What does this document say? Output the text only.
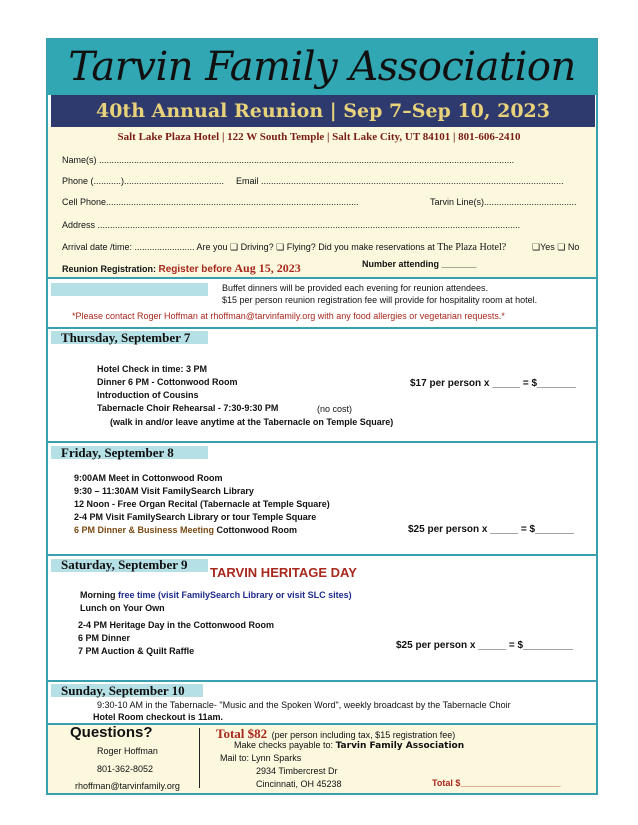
Tarvin Family Association
40th Annual Reunion | Sep 7–Sep 10, 2023
Salt Lake Plaza Hotel | 122 W South Temple | Salt Lake City, UT 84101 | 801-606-2410
Name(s) ......................................................................................................................................................................
Phone (...........)........................................ Email .........................................................................................................................
Cell Phone.....................................................................................................	Tarvin Line(s).....................................
Address .........................................................................................................................................................................
Arrival date /time: ........................ Are you ❏ Driving? ❏ Flying? Did you make reservations at The Plaza Hotel?	❏Yes ❏ No
Reunion Registration: Register before Aug 15, 2023	Number attending _______
Buffet dinners will be provided each evening for reunion attendees.
$15 per person reunion registration fee will provide for hospitality room at hotel.
*Please contact Roger Hoffman at rhoffman@tarvinfamily.org with any food allergies or vegetarian requests.*
Thursday, September 7
Hotel Check in time: 3 PM
Dinner 6 PM - Cottonwood Room
Introduction of Cousins
Tabernacle Choir Rehearsal - 7:30-9:30 PM	(no cost)
(walk in and/or leave anytime at the Tabernacle on Temple Square)
$17 per person x _____ = $_______
Friday, September 8
9:00AM Meet in Cottonwood Room
9:30 – 11:30AM Visit FamilySearch Library
12 Noon - Free Organ Recital (Tabernacle at Temple Square)
2-4 PM Visit FamilySearch Library or tour Temple Square
6 PM Dinner & Business Meeting Cottonwood Room	$25 per person x _____ = $_______
Saturday, September 9
TARVIN HERITAGE DAY
Morning free time (visit FamilySearch Library or visit SLC sites)
Lunch on Your Own
2-4 PM Heritage Day in the Cottonwood Room
6 PM Dinner
7 PM Auction & Quilt Raffle	$25 per person x _____ = $_________
Sunday, September 10
9:30-10 AM in the Tabernacle- "Music and the Spoken Word", weekly broadcast by the Tabernacle Choir
Hotel Room checkout is 11am.
Questions?
Roger Hoffman
801-362-8052
rhoffman@tarvinfamily.org
Total $82 (per person including tax, $15 registration fee)
Make checks payable to: Tarvin Family Association
Mail to: Lynn Sparks
2934 Timbercrest Dr
Cincinnati, OH 45238	Total $____________________
